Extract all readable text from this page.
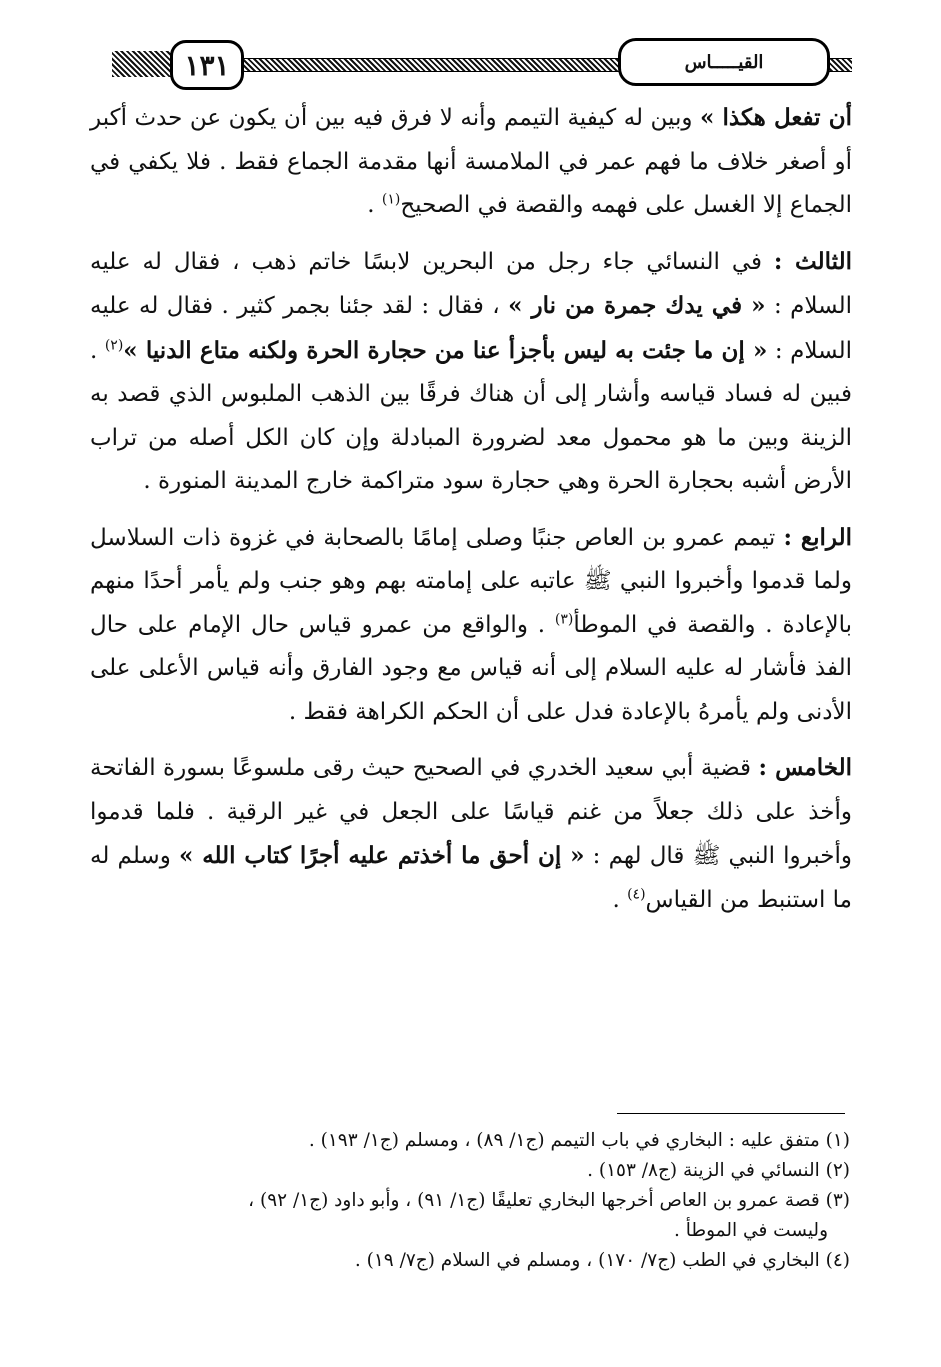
١٣١	القيـــــاس

أن تفعل هكذا » وبين له كيفية التيمم وأنه لا فرق فيه بين أن يكون عن حدث أكبر أو أصغر خلاف ما فهم عمر في الملامسة أنها مقدمة الجماع فقط . فلا يكفي في الجماع إلا الغسل على فهمه والقصة في الصحيح$^{(١)}$ .

الثالث : في النسائي جاء رجل من البحرين لابسًا خاتم ذهب ، فقال له عليه السلام : « في يدك جمرة من نار » ، فقال : لقد جئنا بجمر كثير . فقال له عليه السلام : « إن ما جئت به ليس بأجزأ عنا من حجارة الحرة ولكنه متاع الدنيا »$^{(٢)}$ . فبين له فساد قياسه وأشار إلى أن هناك فرقًا بين الذهب الملبوس الذي قصد به الزينة وبين ما هو محمول معد لضرورة المبادلة وإن كان الكل أصله من تراب الأرض أشبه بحجارة الحرة وهي حجارة سود متراكمة خارج المدينة المنورة .

الرابع : تيمم عمرو بن العاص جنبًا وصلى إمامًا بالصحابة في غزوة ذات السلاسل ولما قدموا وأخبروا النبي ﷺ عاتبه على إمامته بهم وهو جنب ولم يأمر أحدًا منهم بالإعادة . والقصة في الموطأ$^{(٣)}$ . والواقع من عمرو قياس حال الإمام على حال الفذ فأشار له عليه السلام إلى أنه قياس مع وجود الفارق وأنه قياس الأعلى على الأدنى ولم يأمرهُ بالإعادة فدل على أن الحكم الكراهة فقط .

الخامس : قضية أبي سعيد الخدري في الصحيح حيث رقى ملسوعًا بسورة الفاتحة وأخذ على ذلك جعلاً من غنم قياسًا على الجعل في غير الرقية . فلما قدموا وأخبروا النبي ﷺ قال لهم : « إن أحق ما أخذتم عليه أجرًا كتاب الله » وسلم له ما استنبط من القياس$^{(٤)}$ .

(١) متفق عليه : البخاري في باب التيمم (ج١/ ٨٩) ، ومسلم (ج١/ ١٩٣) .

(٢) النسائي في الزينة (ج٨/ ١٥٣) .

(٣) قصة عمرو بن العاص أخرجها البخاري تعليقًا (ج١/ ٩١) ، وأبو داود (ج١/ ٩٢) ،

وليست في الموطأ .

(٤) البخاري في الطب (ج٧/ ١٧٠) ، ومسلم في السلام (ج٧/ ١٩) .
